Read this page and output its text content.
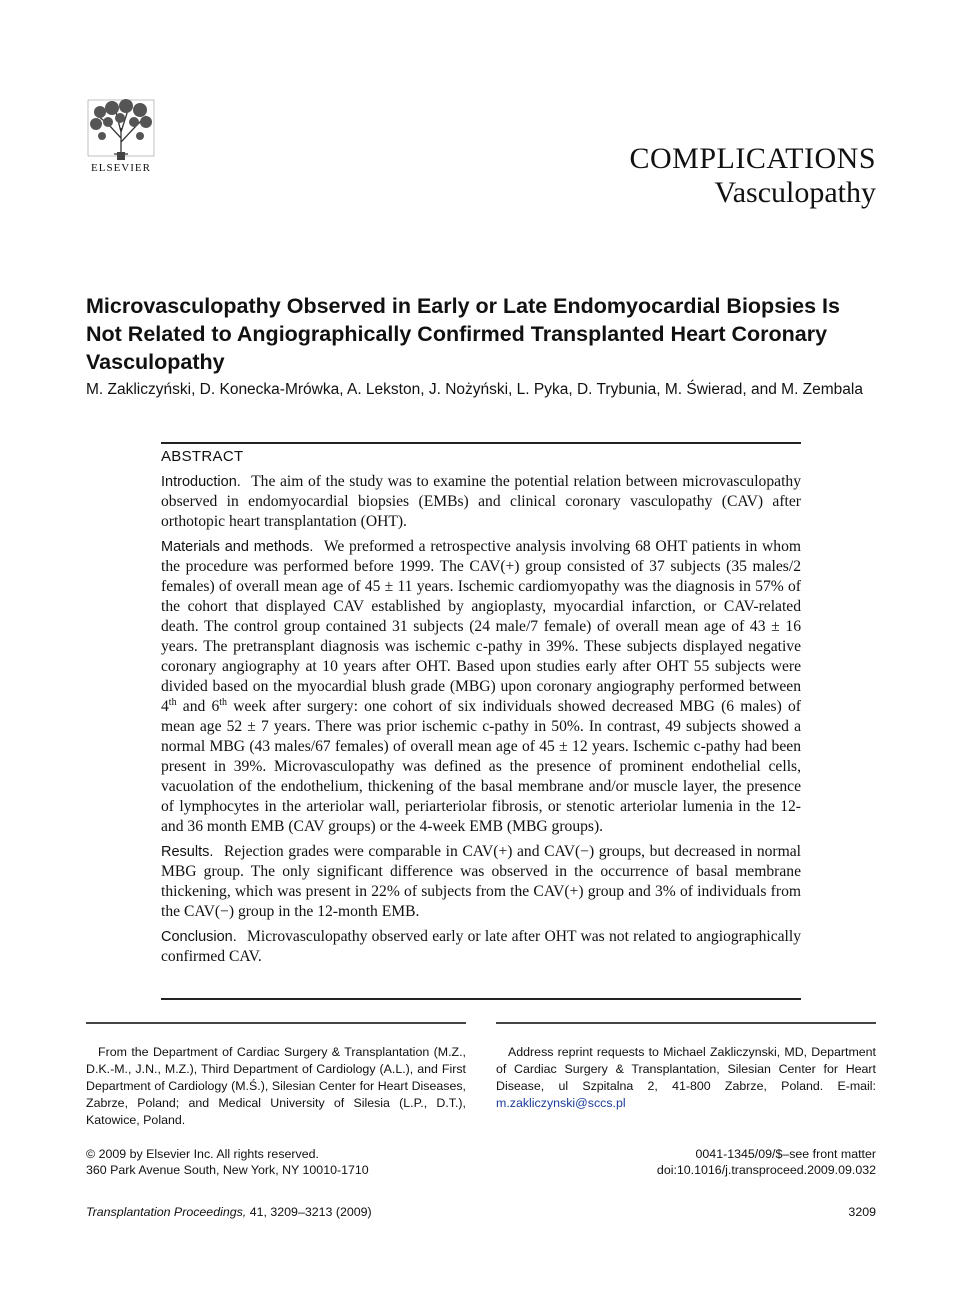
ELSEVIER	COMPLICATIONS
Vasculopathy
Microvasculopathy Observed in Early or Late Endomyocardial Biopsies Is Not Related to Angiographically Confirmed Transplanted Heart Coronary Vasculopathy

M. Zakliczyński, D. Konecka-Mrówka, A. Lekston, J. Nożyński, L. Pyka, D. Trybunia, M. Świerad, and M. Zembala

ABSTRACT

Introduction. The aim of the study was to examine the potential relation between microvasculopathy observed in endomyocardial biopsies (EMBs) and clinical coronary vasculopathy (CAV) after orthotopic heart transplantation (OHT).

Materials and methods. We preformed a retrospective analysis involving 68 OHT patients in whom the procedure was performed before 1999. The CAV(+) group consisted of 37 subjects (35 males/2 females) of overall mean age of 45 ± 11 years. Ischemic cardiomyopathy was the diagnosis in 57% of the cohort that displayed CAV established by angioplasty, myocardial infarction, or CAV-related death. The control group contained 31 subjects (24 male/7 female) of overall mean age of 43 ± 16 years. The pretransplant diagnosis was ischemic c-pathy in 39%. These subjects displayed negative coronary angiography at 10 years after OHT. Based upon studies early after OHT 55 subjects were divided based on the myocardial blush grade (MBG) upon coronary angiography performed between 4th and 6th week after surgery: one cohort of six individuals showed decreased MBG (6 males) of mean age 52 ± 7 years. There was prior ischemic c-pathy in 50%. In contrast, 49 subjects showed a normal MBG (43 males/67 females) of overall mean age of 45 ± 12 years. Ischemic c-pathy had been present in 39%. Microvasculopathy was defined as the presence of prominent endothelial cells, vacuolation of the endothelium, thickening of the basal membrane and/or muscle layer, the presence of lymphocytes in the arteriolar wall, periarteriolar fibrosis, or stenotic arteriolar lumenia in the 12- and 36 month EMB (CAV groups) or the 4-week EMB (MBG groups).

Results. Rejection grades were comparable in CAV(+) and CAV(−) groups, but decreased in normal MBG group. The only significant difference was observed in the occurrence of basal membrane thickening, which was present in 22% of subjects from the CAV(+) group and 3% of individuals from the CAV(−) group in the 12-month EMB.

Conclusion. Microvasculopathy observed early or late after OHT was not related to angiographically confirmed CAV.

From the Department of Cardiac Surgery & Transplantation (M.Z., D.K.-M., J.N., M.Z.), Third Department of Cardiology (A.L.), and First Department of Cardiology (M.Ś.), Silesian Center for Heart Diseases, Zabrze, Poland; and Medical University of Silesia (L.P., D.T.), Katowice, Poland.

Address reprint requests to Michael Zakliczynski, MD, Department of Cardiac Surgery & Transplantation, Silesian Center for Heart Disease, ul Szpitalna 2, 41-800 Zabrze, Poland. E-mail: m.zakliczynski@sccs.pl

© 2009 by Elsevier Inc. All rights reserved.
360 Park Avenue South, New York, NY 10010-1710
0041-1345/09/$–see front matter
doi:10.1016/j.transproceed.2009.09.032
Transplantation Proceedings, 41, 3209–3213 (2009)	3209
